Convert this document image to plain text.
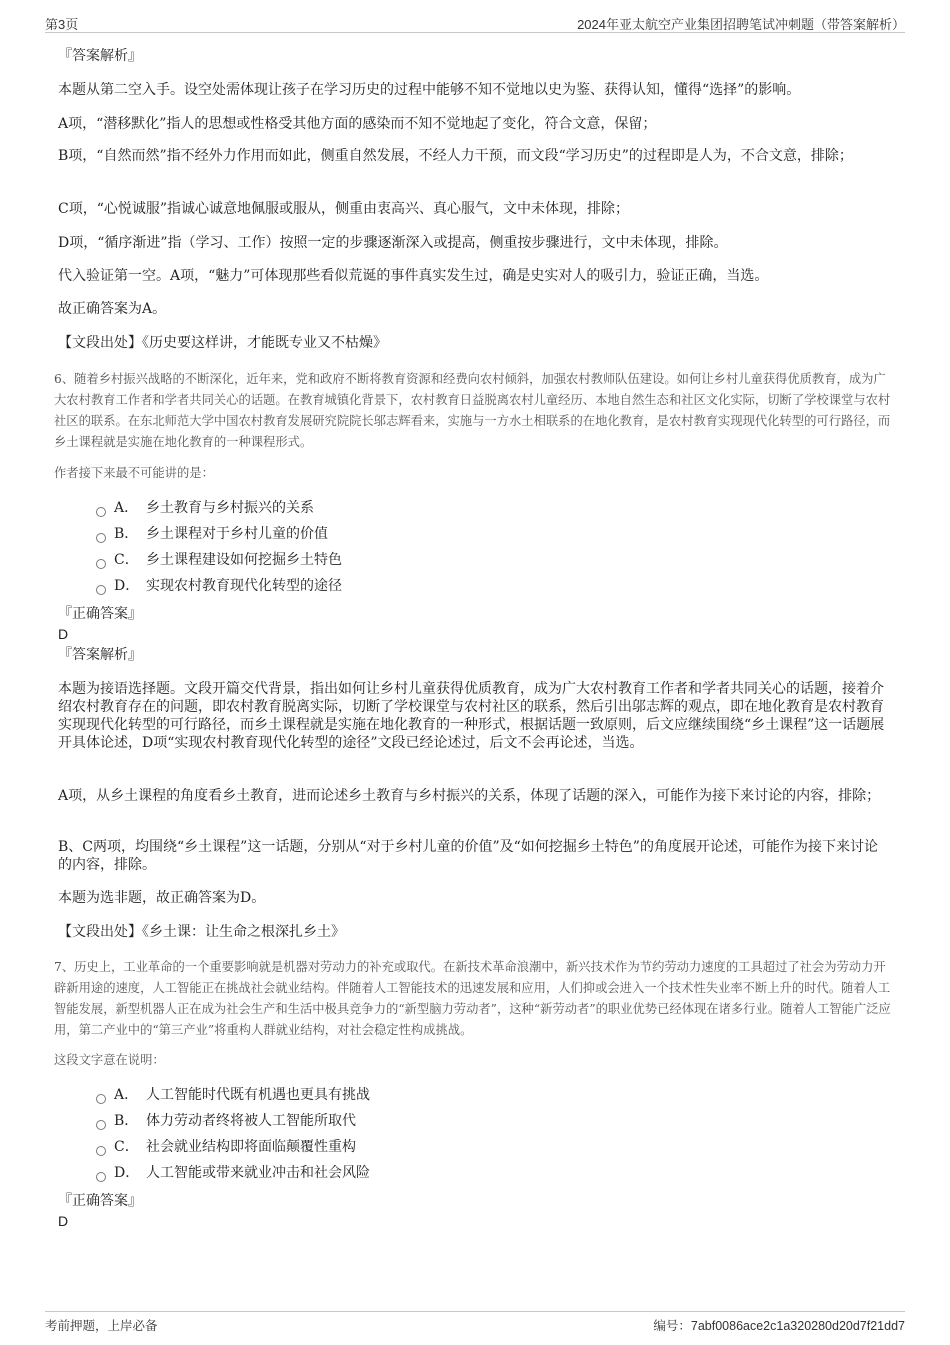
第3页	2024年亚太航空产业集团招聘笔试冲刺题（带答案解析）
『答案解析』

本题从第二空入手。设空处需体现让孩子在学习历史的过程中能够不知不觉地以史为鉴、获得认知，懂得“选择”的影响。

A项，“潜移默化”指人的思想或性格受其他方面的感染而不知不觉地起了变化，符合文意，保留；

B项，“自然而然”指不经外力作用而如此，侧重自然发展，不经人力干预，而文段“学习历史”的过程即是人为，不合文意，排除；

C项，“心悦诚服”指诚心诚意地佩服或服从，侧重由衷高兴、真心服气，文中未体现，排除；

D项，“循序渐进”指（学习、工作）按照一定的步骤逐渐深入或提高，侧重按步骤进行，文中未体现，排除。

代入验证第一空。A项，“魅力”可体现那些看似荒诞的事件真实发生过，确是史实对人的吸引力，验证正确，当选。

故正确答案为A。

【文段出处】《历史要这样讲，才能既专业又不枯燥》

6、随着乡村振兴战略的不断深化，近年来，党和政府不断将教育资源和经费向农村倾斜，加强农村教师队伍建设。如何让乡村儿童获得优质教育，成为广大农村教育工作者和学者共同关心的话题。在教育城镇化背景下，农村教育日益脱离农村儿童经历、本地自然生态和社区文化实际，切断了学校课堂与农村社区的联系。在东北师范大学中国农村教育发展研究院院长邬志辉看来，实施与一方水土相联系的在地化教育，是农村教育实现现代化转型的可行路径，而乡土课程就是实施在地化教育的一种课程形式。

作者接下来最不可能讲的是：

A． 乡土教育与乡村振兴的关系
B． 乡土课程对于乡村儿童的价值
C． 乡土课程建设如何挖掘乡土特色
D． 实现农村教育现代化转型的途径
『正确答案』
D
『答案解析』

本题为接语选择题。文段开篇交代背景，指出如何让乡村儿童获得优质教育，成为广大农村教育工作者和学者共同关心的话题，接着介绍农村教育存在的问题，即农村教育脱离实际，切断了学校课堂与农村社区的联系，然后引出邬志辉的观点，即在地化教育是农村教育实现现代化转型的可行路径，而乡土课程就是实施在地化教育的一种形式，根据话题一致原则，后文应继续围绕“乡土课程”这一话题展开具体论述，D项“实现农村教育现代化转型的途径”文段已经论述过，后文不会再论述，当选。

A项，从乡土课程的角度看乡土教育，进而论述乡土教育与乡村振兴的关系，体现了话题的深入，可能作为接下来讨论的内容，排除；

B、C两项，均围绕“乡土课程”这一话题，分别从“对于乡村儿童的价值”及“如何挖掘乡土特色”的角度展开论述，可能作为接下来讨论的内容，排除。

本题为选非题，故正确答案为D。

【文段出处】《乡土课：让生命之根深扎乡土》

7、历史上，工业革命的一个重要影响就是机器对劳动力的补充或取代。在新技术革命浪潮中，新兴技术作为节约劳动力速度的工具超过了社会为劳动力开辟新用途的速度，人工智能正在挑战社会就业结构。伴随着人工智能技术的迅速发展和应用，人们抑或会进入一个技术性失业率不断上升的时代。随着人工智能发展，新型机器人正在成为社会生产和生活中极具竞争力的“新型脑力劳动者”，这种“新劳动者”的职业优势已经体现在诸多行业。随着人工智能广泛应用，第二产业中的“第三产业”将重构人群就业结构，对社会稳定性构成挑战。

这段文字意在说明：

A． 人工智能时代既有机遇也更具有挑战
B． 体力劳动者终将被人工智能所取代
C． 社会就业结构即将面临颠覆性重构
D． 人工智能或带来就业冲击和社会风险
『正确答案』
D
考前押题，上岸必备	编号：7abf0086ace2c1a320280d20d7f21dd7
